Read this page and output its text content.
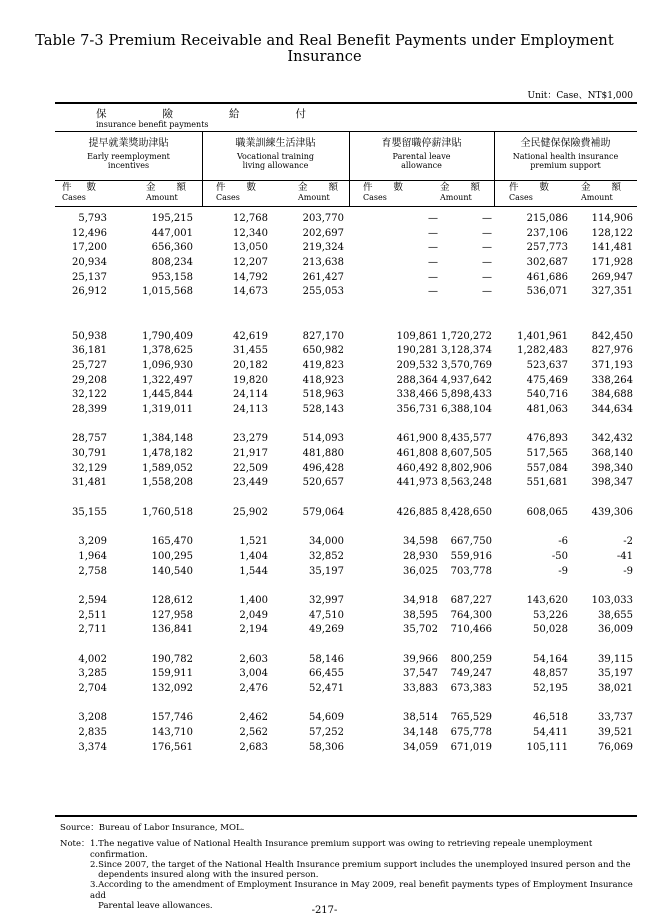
Table 7-3 Premium Receivable and Real Benefit Payments under Employment Insurance
Unit：Case、NT$1,000
保	險	給	付
insurance benefit payments
提早就業獎助津貼
Early reemployment
incentives
職業訓練生活津貼
Vocational training
living allowance
育嬰留職停薪津貼
Parental leave
allowance
全民健保保險費補助
National health insurance
premium support
件 數
Cases
金 額
Amount
件 數
Cases
金 額
Amount
件 數
Cases
金 額
Amount
件 數
Cases
金 額
Amount
5,793	195,215	12,768	203,770	—	—	215,086 114,906
12,496	447,001	12,340	202,697	—	—	237,106 128,122
17,200	656,360	13,050	219,324	—	—	257,773 141,481
20,934	808,234	12,207	213,638	—	—	302,687 171,928
25,137	953,158	14,792	261,427	—	—	461,686 269,947
26,912	1,015,568	14,673	255,053	—	—	536,071 327,351
50,938	1,790,409	42,619	827,170	109,861 1,720,272	1,401,961 842,450
36,181	1,378,625	31,455	650,982	190,281 3,128,374	1,282,483 827,976
25,727	1,096,930	20,182	419,823	209,532 3,570,769	523,637 371,193
29,208	1,322,497	19,820	418,923	288,364 4,937,642	475,469 338,264
32,122	1,445,844	24,114	518,963	338,466 5,898,433	540,716 384,688
28,399	1,319,011	24,113	528,143	356,731 6,388,104	481,063 344,634
28,757	1,384,148	23,279	514,093	461,900 8,435,577	476,893 342,432
30,791	1,478,182	21,917	481,880	461,808 8,607,505	517,565 368,140
32,129	1,589,052	22,509	496,428	460,492 8,802,906	557,084 398,340
31,481	1,558,208	23,449	520,657	441,973 8,563,248	551,681 398,347
35,155	1,760,518	25,902	579,064	426,885 8,428,650	608,065 439,306
3,209	165,470	1,521	34,000	34,598 667,750	-6	-2
1,964	100,295	1,404	32,852	28,930 559,916	-50	-41
2,758	140,540	1,544	35,197	36,025 703,778	-9	-9
2,594	128,612	1,400	32,997	34,918 687,227	143,620 103,033
2,511	127,958	2,049	47,510	38,595 764,300	53,226	38,655
2,711	136,841	2,194	49,269	35,702 710,466	50,028	36,009
4,002	190,782	2,603	58,146	39,966 800,259	54,164	39,115
3,285	159,911	3,004	66,455	37,547 749,247	48,857	35,197
2,704	132,092	2,476	52,471	33,883 673,383	52,195	38,021
3,208	157,746	2,462	54,609	38,514 765,529	46,518	33,737
2,835	143,710	2,562	57,252	34,148 675,778	54,411	39,521
3,374	176,561	2,683	58,306	34,059 671,019	105,111	76,069
Source：Bureau of Labor Insurance, MOL.
Note： 1.The negative value of National Health Insurance premium support was owing to retrieving repeale unemployment confirmation.
2.Since 2007, the target of the National Health Insurance premium support includes the unemployed insured person and the
dependents insured along with the insured person.
3.According to the amendment of Employment Insurance in May 2009, real benefit payments types of Employment Insurance add
Parental leave allowances.	-217-
